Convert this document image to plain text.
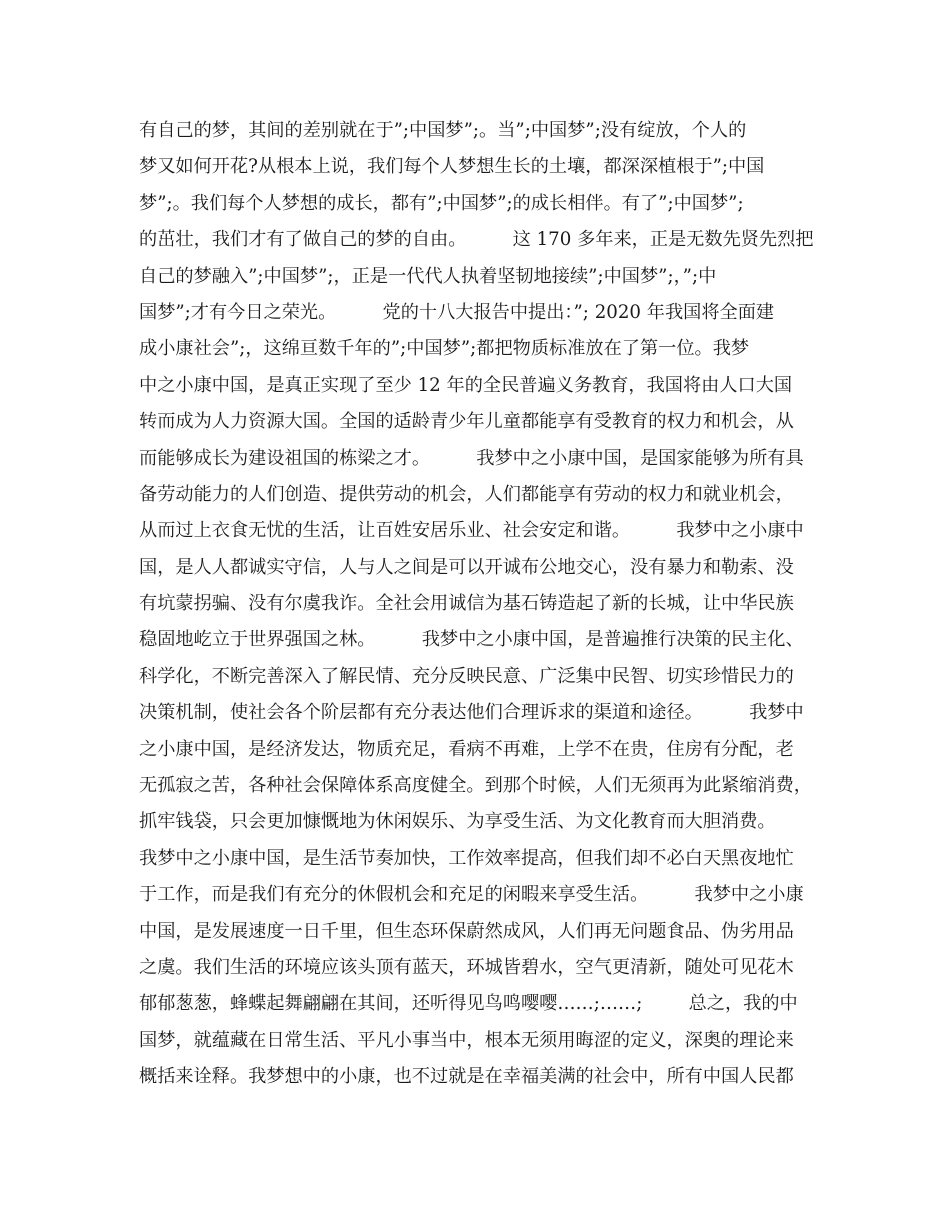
有自己的梦，其间的差别就在于”;中国梦”;。当”;中国梦”;没有绽放，个人的
梦又如何开花?从根本上说，我们每个人梦想生长的土壤，都深深植根于”;中国
梦”;。我们每个人梦想的成长，都有”;中国梦”;的成长相伴。有了”;中国梦”;
的茁壮，我们才有了做自己的梦的自由。        这 170 多年来，正是无数先贤先烈把
自己的梦融入”;中国梦”;，正是一代代人执着坚韧地接续”;中国梦”;，”;中
国梦”;才有今日之荣光。        党的十八大报告中提出：”; 2020 年我国将全面建
成小康社会”;，这绵亘数千年的”;中国梦”;都把物质标准放在了第一位。我梦
中之小康中国，是真正实现了至少 12 年的全民普遍义务教育，我国将由人口大国
转而成为人力资源大国。全国的适龄青少年儿童都能享有受教育的权力和机会，从
而能够成长为建设祖国的栋梁之才。        我梦中之小康中国，是国家能够为所有具
备劳动能力的人们创造、提供劳动的机会，人们都能享有劳动的权力和就业机会，
从而过上衣食无忧的生活，让百姓安居乐业、社会安定和谐。        我梦中之小康中
国，是人人都诚实守信，人与人之间是可以开诚布公地交心，没有暴力和勒索、没
有坑蒙拐骗、没有尔虞我诈。全社会用诚信为基石铸造起了新的长城，让中华民族
稳固地屹立于世界强国之林。        我梦中之小康中国，是普遍推行决策的民主化、
科学化，不断完善深入了解民情、充分反映民意、广泛集中民智、切实珍惜民力的
决策机制，使社会各个阶层都有充分表达他们合理诉求的渠道和途径。        我梦中
之小康中国，是经济发达，物质充足，看病不再难，上学不在贵，住房有分配，老
无孤寂之苦，各种社会保障体系高度健全。到那个时候，人们无须再为此紧缩消费，
抓牢钱袋，只会更加慷慨地为休闲娱乐、为享受生活、为文化教育而大胆消费。
我梦中之小康中国，是生活节奏加快，工作效率提高，但我们却不必白天黑夜地忙
于工作，而是我们有充分的休假机会和充足的闲暇来享受生活。        我梦中之小康
中国，是发展速度一日千里，但生态环保蔚然成风，人们再无问题食品、伪劣用品
之虞。我们生活的环境应该头顶有蓝天，环城皆碧水，空气更清新，随处可见花木
郁郁葱葱，蜂蝶起舞翩翩在其间，还听得见鸟鸣嘤嘤……;……;        总之，我的中
国梦，就蕴藏在日常生活、平凡小事当中，根本无须用晦涩的定义，深奥的理论来
概括来诠释。我梦想中的小康，也不过就是在幸福美满的社会中，所有中国人民都
